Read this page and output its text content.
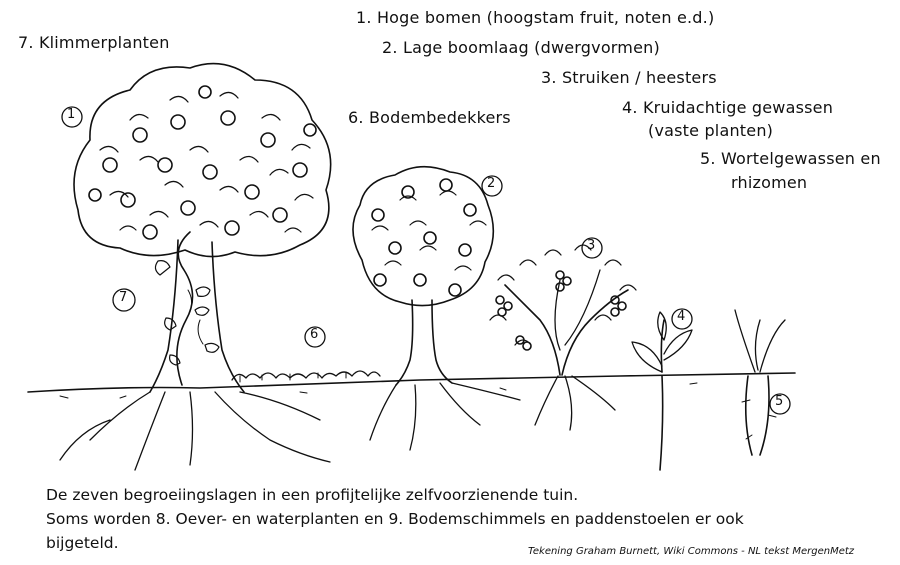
1. Hoge bomen (hoogstam fruit, noten e.d.)
2. Lage boomlaag (dwergvormen)
3. Struiken / heesters
4. Kruidachtige gewassen
(vaste planten)
5. Wortelgewassen en
rhizomen
6. Bodembedekkers
7. Klimmerplanten
1
2
3
4
5
6
7
De zeven begroeiingslagen in een profijtelijke zelfvoorzienende tuin.
Soms worden 8. Oever- en waterplanten en 9. Bodemschimmels en paddenstoelen er ook
bijgeteld.	Tekening Graham Burnett, Wiki Commons - NL tekst MergenMetz
